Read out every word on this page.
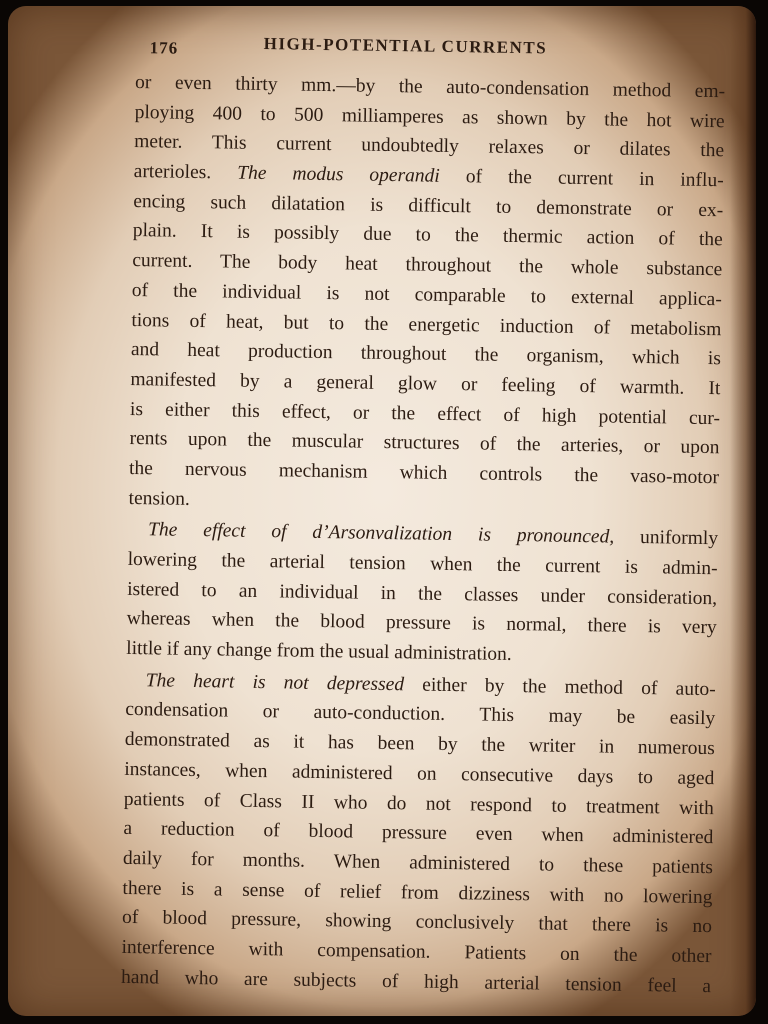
176	HIGH-POTENTIAL CURRENTS
or even thirty mm.—by the auto-condensation method em-
ploying 400 to 500 milliamperes as shown by the hot wire
meter. This current undoubtedly relaxes or dilates the
arterioles. The modus operandi of the current in influ-
encing such dilatation is difficult to demonstrate or ex-
plain. It is possibly due to the thermic action of the
current. The body heat throughout the whole substance
of the individual is not comparable to external applica-
tions of heat, but to the energetic induction of metabolism
and heat production throughout the organism, which is
manifested by a general glow or feeling of warmth. It
is either this effect, or the effect of high potential cur-
rents upon the muscular structures of the arteries, or upon
the nervous mechanism which controls the vaso-motor
tension.
The effect of d’Arsonvalization is pronounced, uniformly
lowering the arterial tension when the current is admin-
istered to an individual in the classes under consideration,
whereas when the blood pressure is normal, there is very
little if any change from the usual administration.
The heart is not depressed either by the method of auto-
condensation or auto-conduction. This may be easily
demonstrated as it has been by the writer in numerous
instances, when administered on consecutive days to aged
patients of Class II who do not respond to treatment with
a reduction of blood pressure even when administered
daily for months. When administered to these patients
there is a sense of relief from dizziness with no lowering
of blood pressure, showing conclusively that there is no
interference with compensation. Patients on the other
hand who are subjects of high arterial tension feel a
